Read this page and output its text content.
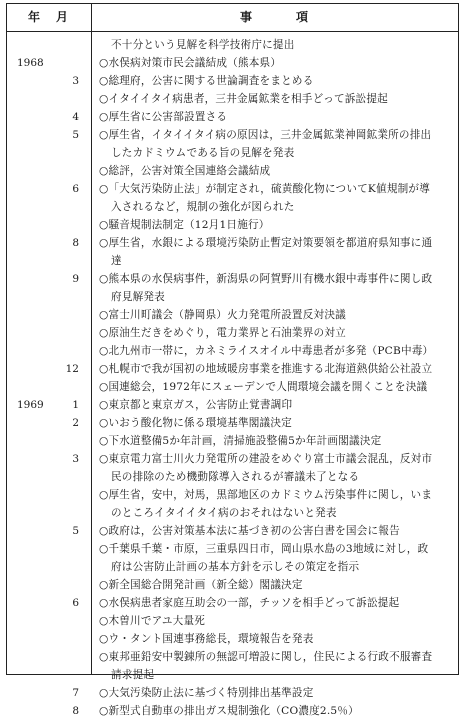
年　月	事　　　項
不十分という見解を科学技術庁に提出
1968	○水俣病対策市民会議結成（熊本県）
3 ○総理府，公害に関する世論調査をまとめる
○イタイイタイ病患者，三井金属鉱業を相手どって訴訟提起
4 ○厚生省に公害部設置さる
5 ○厚生省，イタイイタイ病の原因は，三井金属鉱業神岡鉱業所の排出
したカドミウムである旨の見解を発表
○総評，公害対策全国連絡会議結成
6 ○「大気汚染防止法」が制定され，硫黄酸化物についてK値規制が導
入されるなど，規制の強化が図られた
○騒音規制法制定（12月1日施行）
8 ○厚生省，水銀による環境汚染防止暫定対策要領を都道府県知事に通
達
9 ○熊本県の水俣病事件，新潟県の阿賀野川有機水銀中毒事件に関し政
府見解発表
○富士川町議会（静岡県）火力発電所設置反対決議
○原油生だきをめぐり，電力業界と石油業界の対立
○北九州市一帯に，カネミライスオイル中毒患者が多発（PCB中毒）
12 ○札幌市で我が国初の地域暖房事業を推進する北海道熱供給公社設立
○国連総会，1972年にスェーデンで人間環境会議を開くことを決議
1969	1 ○東京都と東京ガス，公害防止覚書調印
2 ○いおう酸化物に係る環境基準閣議決定
○下水道整備5か年計画，清掃施設整備5か年計画閣議決定
3 ○東京電力富士川火力発電所の建設をめぐり富士市議会混乱，反対市
民の排除のため機動隊導入されるが審議未了となる
○厚生省，安中，対馬，黒部地区のカドミウム汚染事件に関し，いま
のところイタイイタイ病のおそれはないと発表
5 ○政府は，公害対策基本法に基づき初の公害白書を国会に報告
○千葉県千葉・市原，三重県四日市，岡山県水島の3地域に対し，政
府は公害防止計画の基本方針を示しその策定を指示
○新全国総合開発計画（新全総）閣議決定
6 ○水俣病患者家庭互助会の一部，チッソを相手どって訴訟提起
○木曽川でアユ大量死
○ウ・タント国連事務総長，環境報告を発表
○東邦亜鉛安中製錬所の無認可増設に関し，住民による行政不服審査
請求提起
7 ○大気汚染防止法に基づく特別排出基準設定
8 ○新型式自動車の排出ガス規制強化（CO濃度2.5％）
